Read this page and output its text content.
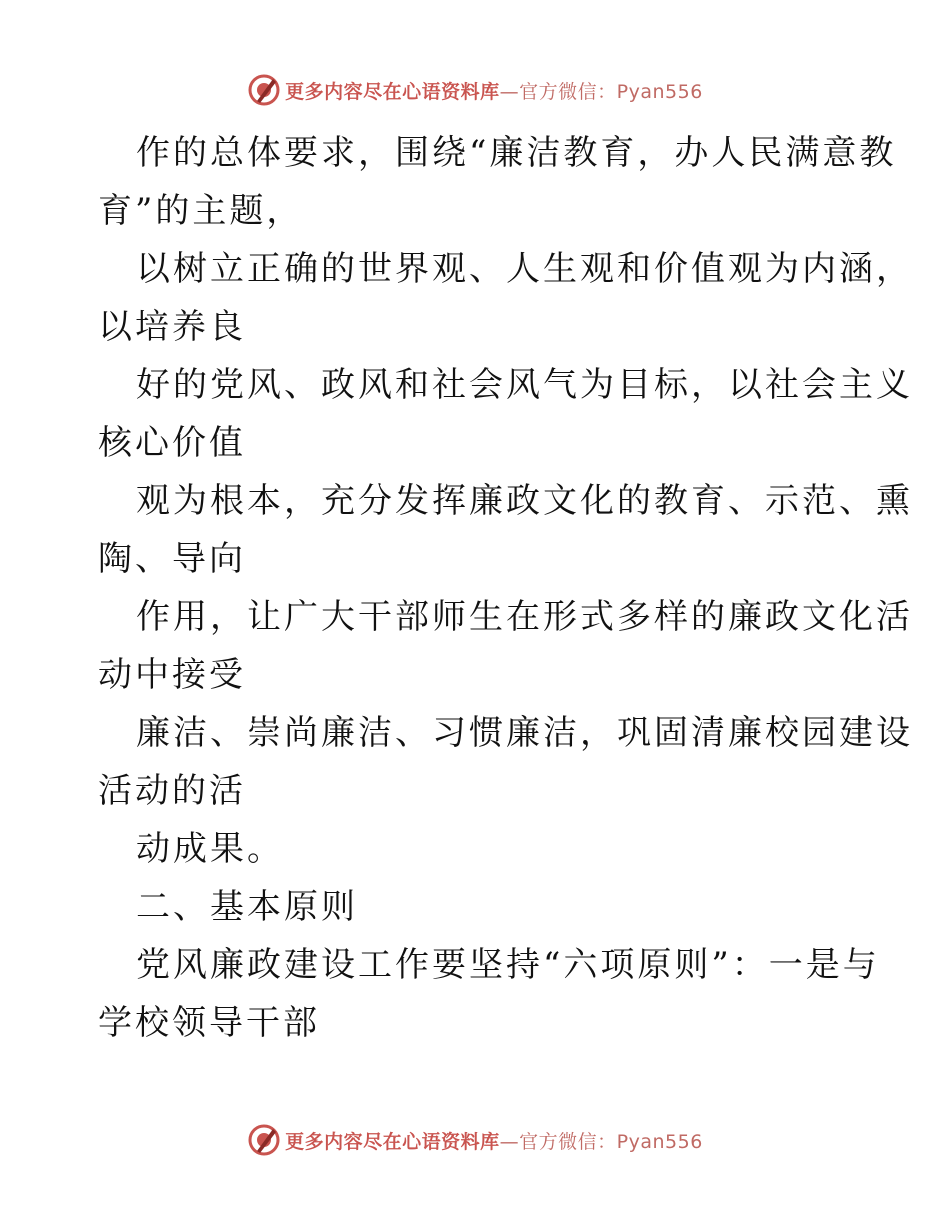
更多内容尽在心语资料库—官方微信：Pyan556
作的总体要求，围绕“廉洁教育，办人民满意教
育”的主题，
以树立正确的世界观、人生观和价值观为内涵，
以培养良
好的党风、政风和社会风气为目标，以社会主义
核心价值
观为根本，充分发挥廉政文化的教育、示范、熏
陶、导向
作用，让广大干部师生在形式多样的廉政文化活
动中接受
廉洁、崇尚廉洁、习惯廉洁，巩固清廉校园建设
活动的活
动成果。
二、基本原则
党风廉政建设工作要坚持“六项原则”：一是与
学校领导干部
更多内容尽在心语资料库—官方微信：Pyan556
